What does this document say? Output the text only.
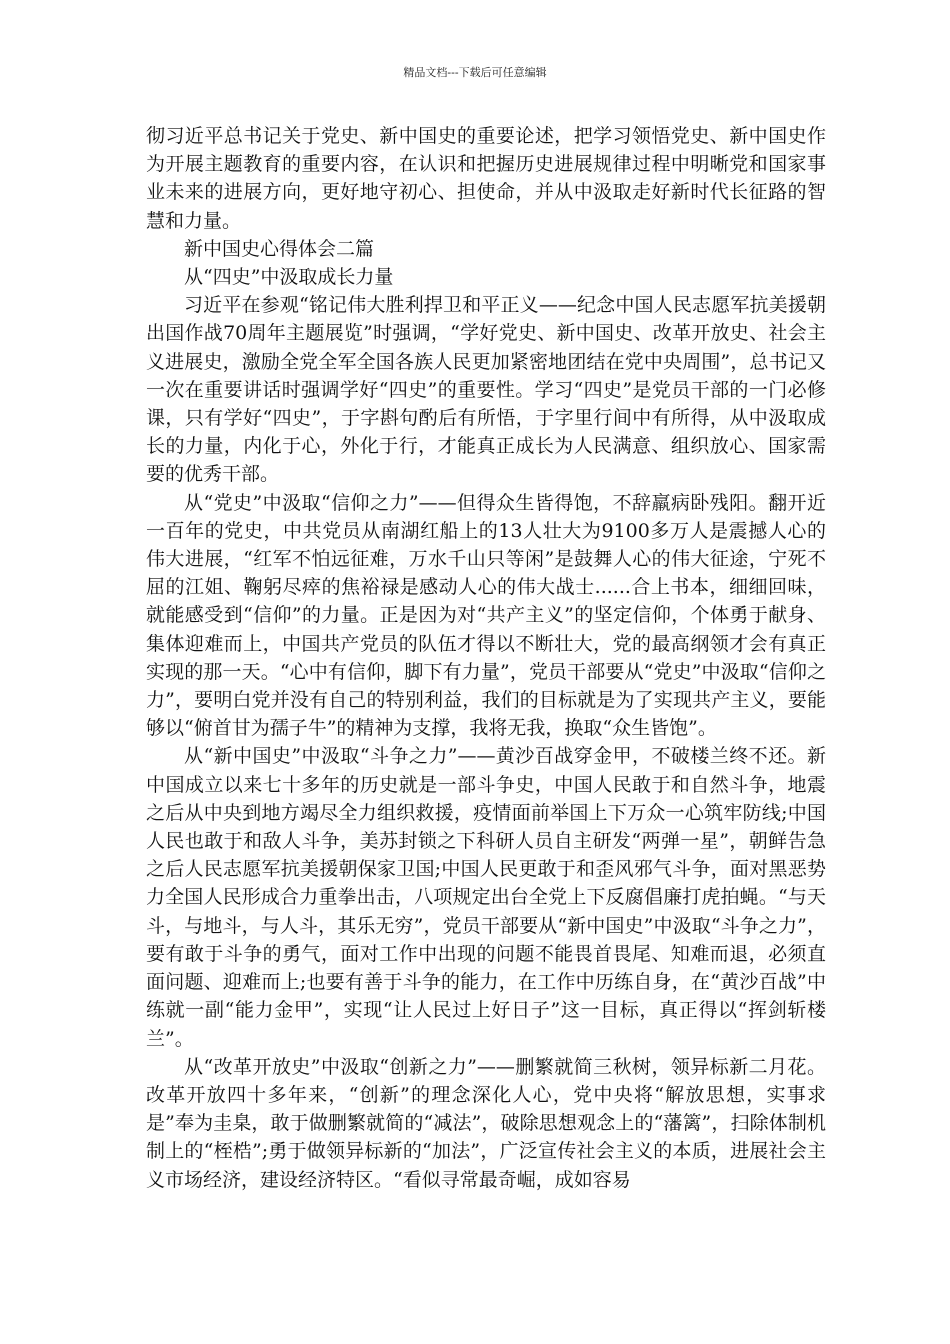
精品文档---下载后可任意编辑

彻习近平总书记关于党史、新中国史的重要论述，把学习领悟党史、新中国史作为开展主题教育的重要内容，在认识和把握历史进展规律过程中明晰党和国家事业未来的进展方向，更好地守初心、担使命，并从中汲取走好新时代长征路的智慧和力量。

新中国史心得体会二篇

从“四史”中汲取成长力量

习近平在参观“铭记伟大胜利捍卫和平正义——纪念中国人民志愿军抗美援朝出国作战70周年主题展览”时强调，“学好党史、新中国史、改革开放史、社会主义进展史，激励全党全军全国各族人民更加紧密地团结在党中央周围”，总书记又一次在重要讲话时强调学好“四史”的重要性。学习“四史”是党员干部的一门必修课，只有学好“四史”，于字斟句酌后有所悟，于字里行间中有所得，从中汲取成长的力量，内化于心，外化于行，才能真正成长为人民满意、组织放心、国家需要的优秀干部。

从“党史”中汲取“信仰之力”——但得众生皆得饱，不辞羸病卧残阳。翻开近一百年的党史，中共党员从南湖红船上的13人壮大为9100多万人是震撼人心的伟大进展，“红军不怕远征难，万水千山只等闲”是鼓舞人心的伟大征途，宁死不屈的江姐、鞠躬尽瘁的焦裕禄是感动人心的伟大战士......合上书本，细细回味，就能感受到“信仰”的力量。正是因为对“共产主义”的坚定信仰，个体勇于献身、集体迎难而上，中国共产党员的队伍才得以不断壮大，党的最高纲领才会有真正实现的那一天。“心中有信仰，脚下有力量”，党员干部要从“党史”中汲取“信仰之力”，要明白党并没有自己的特别利益，我们的目标就是为了实现共产主义，要能够以“俯首甘为孺子牛”的精神为支撑，我将无我，换取“众生皆饱”。

从“新中国史”中汲取“斗争之力”——黄沙百战穿金甲，不破楼兰终不还。新中国成立以来七十多年的历史就是一部斗争史，中国人民敢于和自然斗争，地震之后从中央到地方竭尽全力组织救援，疫情面前举国上下万众一心筑牢防线;中国人民也敢于和敌人斗争，美苏封锁之下科研人员自主研发“两弹一星”，朝鲜告急之后人民志愿军抗美援朝保家卫国;中国人民更敢于和歪风邪气斗争，面对黑恶势力全国人民形成合力重拳出击，八项规定出台全党上下反腐倡廉打虎拍蝇。“与天斗，与地斗，与人斗，其乐无穷”，党员干部要从“新中国史”中汲取“斗争之力”，要有敢于斗争的勇气，面对工作中出现的问题不能畏首畏尾、知难而退，必须直面问题、迎难而上;也要有善于斗争的能力，在工作中历练自身，在“黄沙百战”中练就一副“能力金甲”，实现“让人民过上好日子”这一目标，真正得以“挥剑斩楼兰”。

从“改革开放史”中汲取“创新之力”——删繁就简三秋树，领异标新二月花。改革开放四十多年来，“创新”的理念深化人心，党中央将“解放思想，实事求是”奉为圭臬，敢于做删繁就简的“减法”，破除思想观念上的“藩篱”，扫除体制机制上的“桎梏”;勇于做领异标新的“加法”，广泛宣传社会主义的本质，进展社会主义市场经济，建设经济特区。“看似寻常最奇崛，成如容易
